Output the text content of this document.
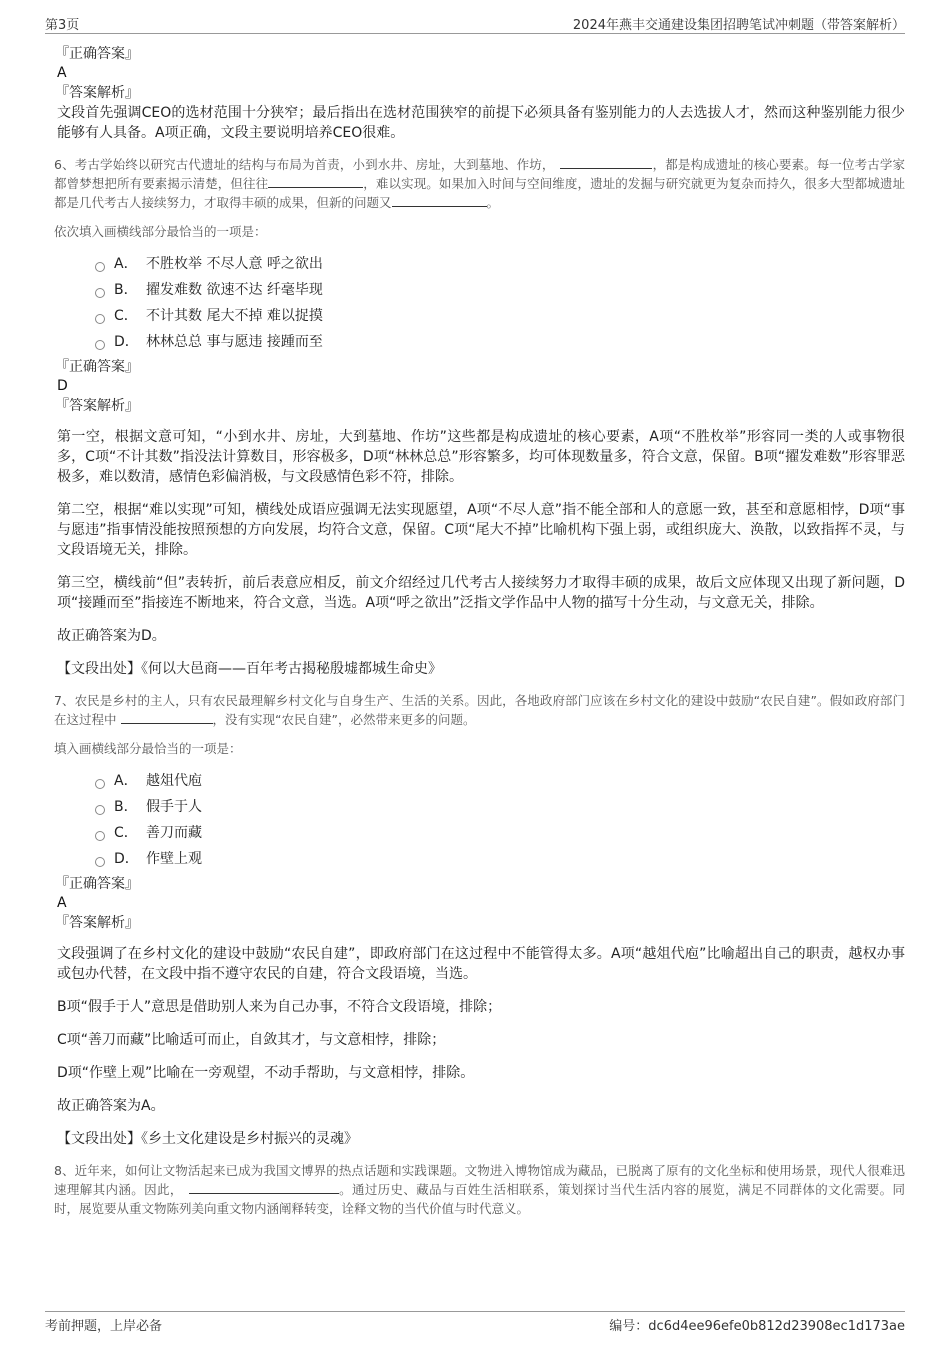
第3页	2024年燕丰交通建设集团招聘笔试冲刺题（带答案解析）
『正确答案』
A
『答案解析』
文段首先强调CEO的选材范围十分狭窄；最后指出在选材范围狭窄的前提下必须具备有鉴别能力的人去选拔人才，然而这种鉴别能力很少能够有人具备。A项正确，文段主要说明培养CEO很难。
6、考古学始终以研究古代遗址的结构与布局为首责，小到水井、房址，大到墓地、作坊，	，都是构成遗址的核心要素。每一位考古学家都曾梦想把所有要素揭示清楚，但往往	，难以实现。如果加入时间与空间维度，遗址的发掘与研究就更为复杂而持久，很多大型都城遗址都是几代考古人接续努力，才取得丰硕的成果，但新的问题又	。
依次填入画横线部分最恰当的一项是：
A． 不胜枚举 不尽人意 呼之欲出
B． 擢发难数 欲速不达 纤毫毕现
C． 不计其数 尾大不掉 难以捉摸
D． 林林总总 事与愿违 接踵而至
『正确答案』
D
『答案解析』
第一空，根据文意可知，“小到水井、房址，大到墓地、作坊”这些都是构成遗址的核心要素，A项“不胜枚举”形容同一类的人或事物很多，C项“不计其数”指没法计算数目，形容极多，D项“林林总总”形容繁多，均可体现数量多，符合文意，保留。B项“擢发难数”形容罪恶极多，难以数清，感情色彩偏消极，与文段感情色彩不符，排除。
第二空，根据“难以实现”可知，横线处成语应强调无法实现愿望，A项“不尽人意”指不能全部和人的意愿一致，甚至和意愿相悖，D项“事与愿违”指事情没能按照预想的方向发展，均符合文意，保留。C项“尾大不掉”比喻机构下强上弱，或组织庞大、涣散，以致指挥不灵，与文段语境无关，排除。
第三空，横线前“但”表转折，前后表意应相反，前文介绍经过几代考古人接续努力才取得丰硕的成果，故后文应体现又出现了新问题，D项“接踵而至”指接连不断地来，符合文意，当选。A项“呼之欲出”泛指文学作品中人物的描写十分生动，与文意无关，排除。
故正确答案为D。
【文段出处】《何以大邑商——百年考古揭秘殷墟都城生命史》
7、农民是乡村的主人，只有农民最理解乡村文化与自身生产、生活的关系。因此，各地政府部门应该在乡村文化的建设中鼓励“农民自建”。假如政府部门在这过程中	，没有实现“农民自建”，必然带来更多的问题。
填入画横线部分最恰当的一项是：
A． 越俎代庖
B． 假手于人
C． 善刀而藏
D． 作壁上观
『正确答案』
A
『答案解析』
文段强调了在乡村文化的建设中鼓励“农民自建”，即政府部门在这过程中不能管得太多。A项“越俎代庖”比喻超出自己的职责，越权办事或包办代替，在文段中指不遵守农民的自建，符合文段语境，当选。
B项“假手于人”意思是借助别人来为自己办事，不符合文段语境，排除；
C项“善刀而藏”比喻适可而止，自敛其才，与文意相悖，排除；
D项“作壁上观”比喻在一旁观望，不动手帮助，与文意相悖，排除。
故正确答案为A。
【文段出处】《乡土文化建设是乡村振兴的灵魂》
8、近年来，如何让文物活起来已成为我国文博界的热点话题和实践课题。文物进入博物馆成为藏品，已脱离了原有的文化坐标和使用场景，现代人很难迅速理解其内涵。因此，	。通过历史、藏品与百姓生活相联系，策划探讨当代生活内容的展览，满足不同群体的文化需要。同时，展览要从重文物陈列美向重文物内涵阐释转变，诠释文物的当代价值与时代意义。
考前押题，上岸必备	编号：dc6d4ee96efe0b812d23908ec1d173ae
